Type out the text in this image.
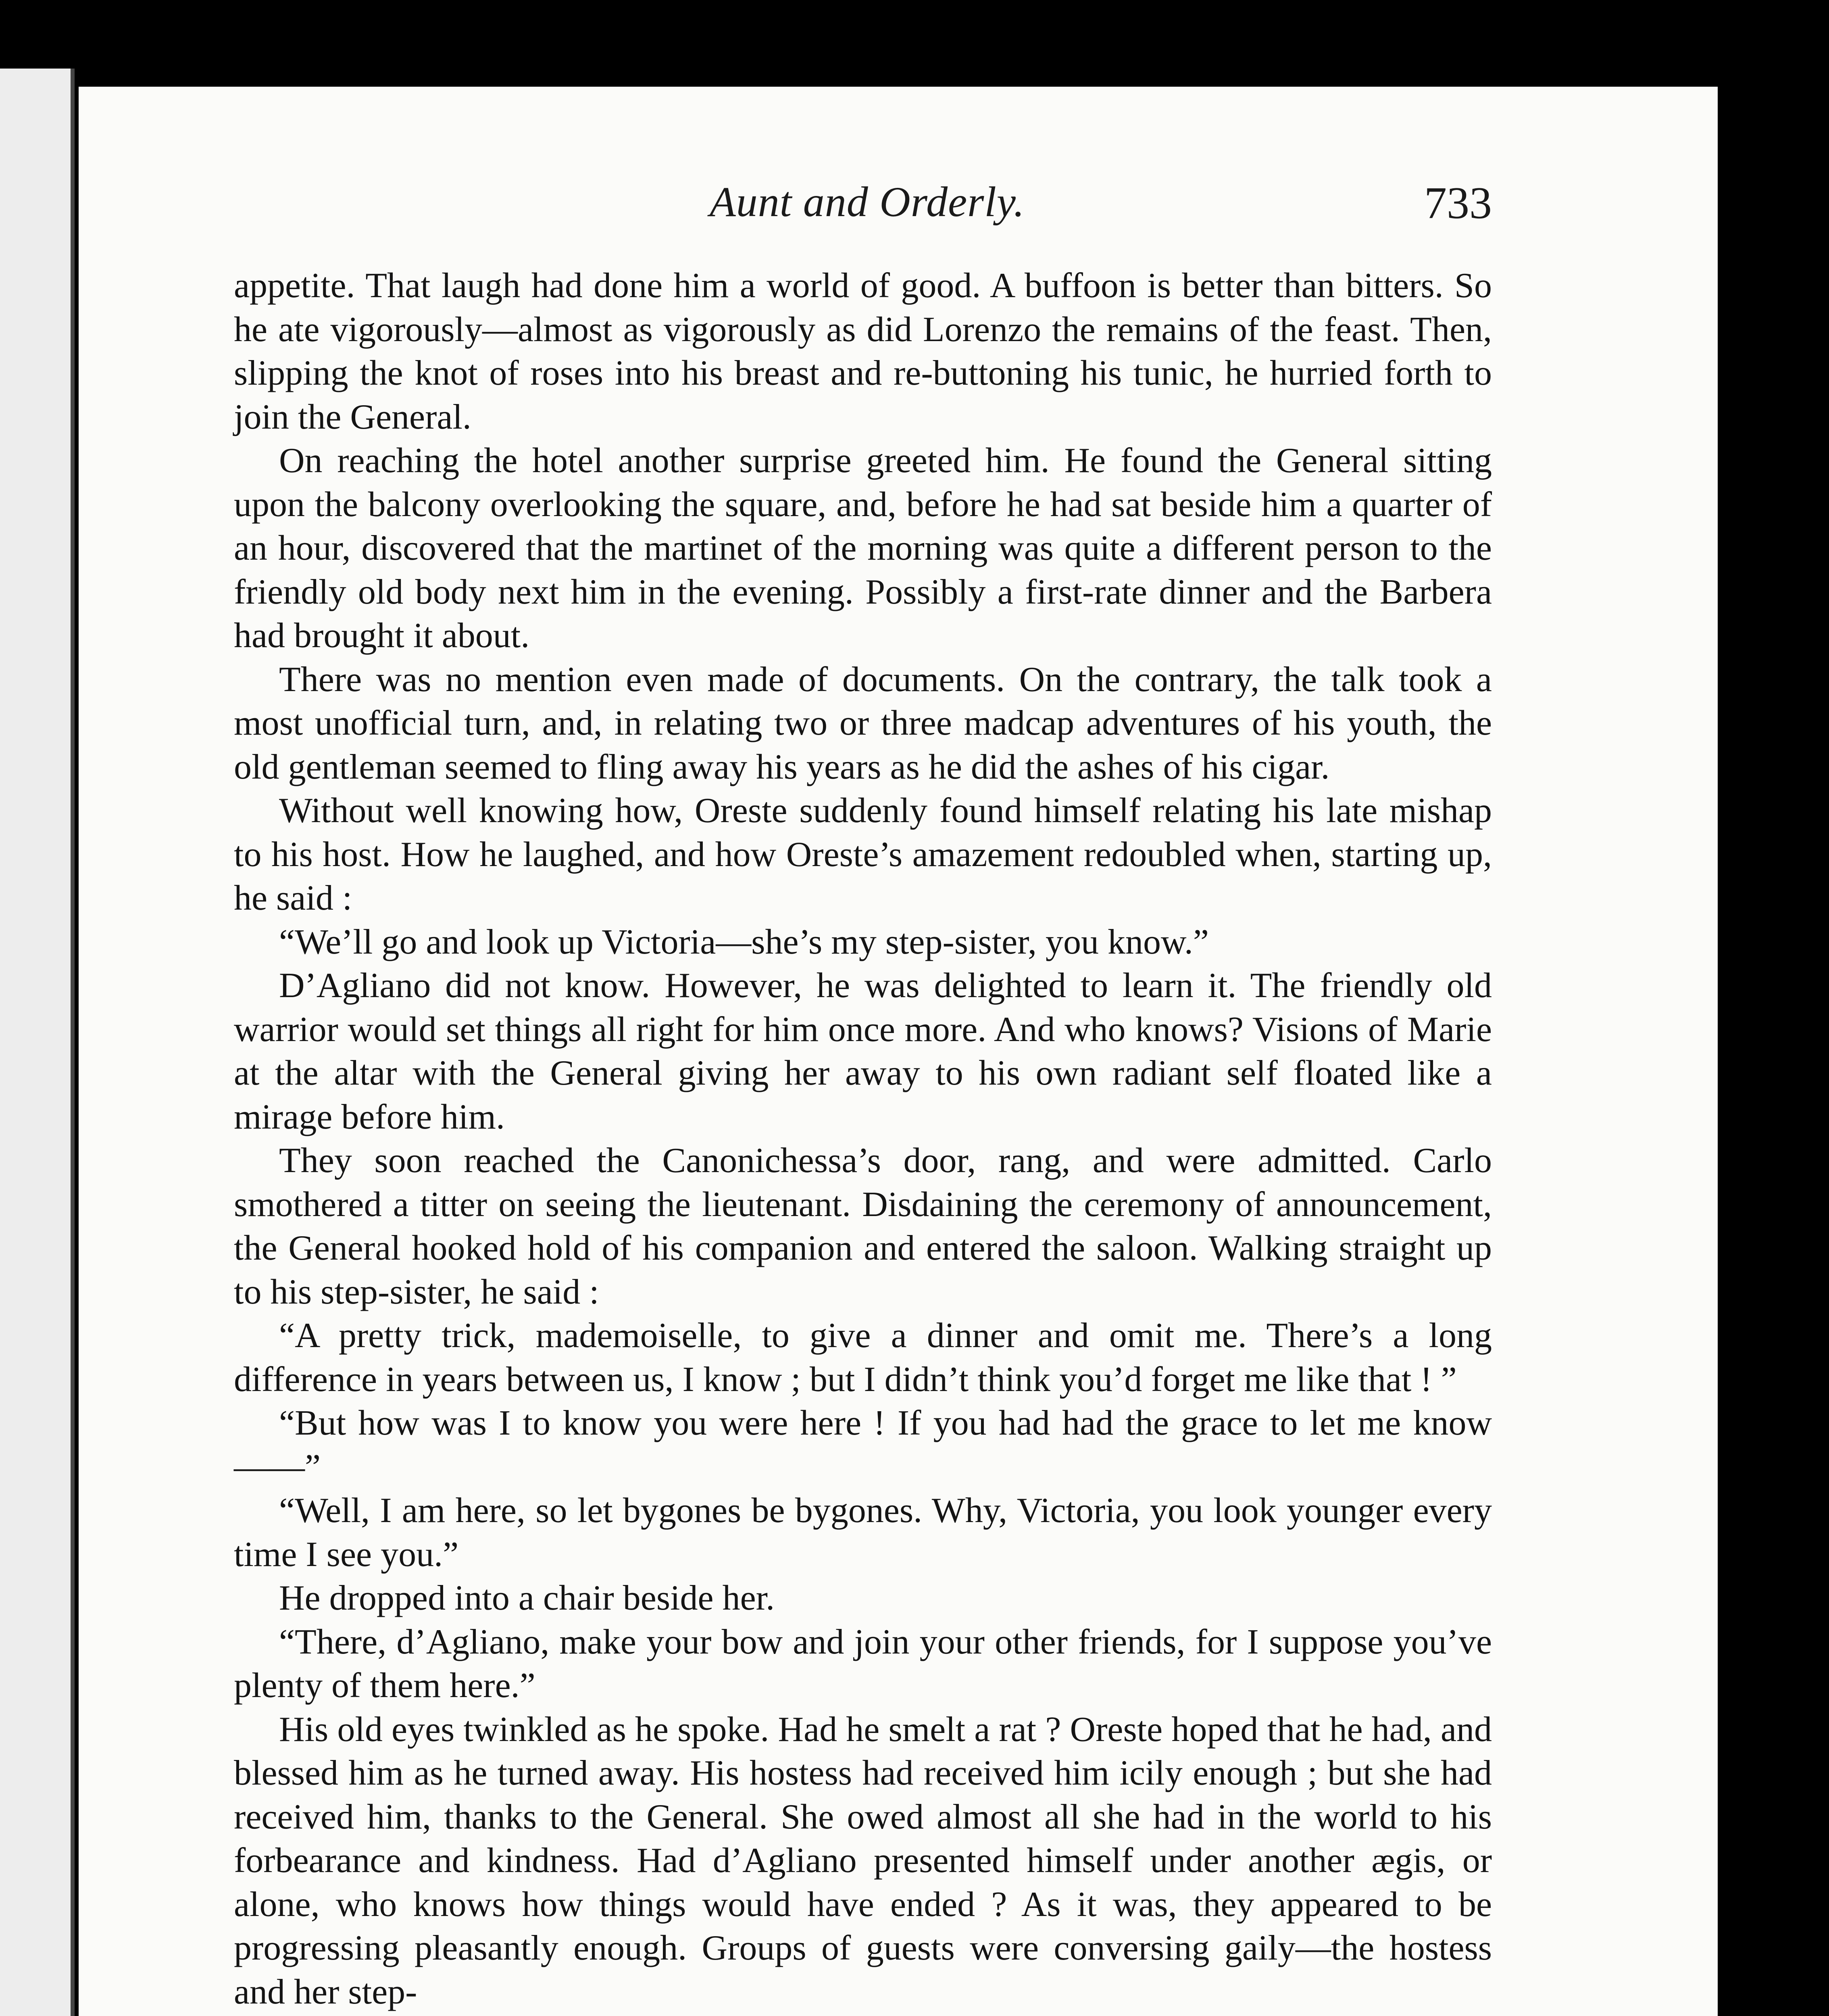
Aunt and Orderly.	733

appetite. That laugh had done him a world of good. A buffoon is better than bitters. So he ate vigorously—almost as vigorously as did Lorenzo the remains of the feast. Then, slipping the knot of roses into his breast and re-buttoning his tunic, he hurried forth to join the General.

On reaching the hotel another surprise greeted him. He found the General sitting upon the balcony overlooking the square, and, before he had sat beside him a quarter of an hour, discovered that the martinet of the morning was quite a different person to the friendly old body next him in the evening. Possibly a first-rate dinner and the Barbera had brought it about.

There was no mention even made of documents. On the contrary, the talk took a most unofficial turn, and, in relating two or three madcap adventures of his youth, the old gentleman seemed to fling away his years as he did the ashes of his cigar.

Without well knowing how, Oreste suddenly found himself relating his late mishap to his host. How he laughed, and how Oreste’s amazement redoubled when, starting up, he said :

“We’ll go and look up Victoria—she’s my step-sister, you know.”

D’Agliano did not know. However, he was delighted to learn it. The friendly old warrior would set things all right for him once more. And who knows? Visions of Marie at the altar with the General giving her away to his own radiant self floated like a mirage before him.

They soon reached the Canonichessa’s door, rang, and were admitted. Carlo smothered a titter on seeing the lieutenant. Disdaining the ceremony of announcement, the General hooked hold of his companion and entered the saloon. Walking straight up to his step-sister, he said :

“A pretty trick, mademoiselle, to give a dinner and omit me. There’s a long difference in years between us, I know ; but I didn’t think you’d forget me like that ! ”

“But how was I to know you were here ! If you had had the grace to let me know——”

“Well, I am here, so let bygones be bygones. Why, Victoria, you look younger every time I see you.”

He dropped into a chair beside her.

“There, d’Agliano, make your bow and join your other friends, for I suppose you’ve plenty of them here.”

His old eyes twinkled as he spoke. Had he smelt a rat ? Oreste hoped that he had, and blessed him as he turned away. His hostess had received him icily enough ; but she had received him, thanks to the General. She owed almost all she had in the world to his forbearance and kindness. Had d’Agliano presented himself under another ægis, or alone, who knows how things would have ended ? As it was, they appeared to be progressing pleasantly enough. Groups of guests were conversing gaily—the hostess and her step-
